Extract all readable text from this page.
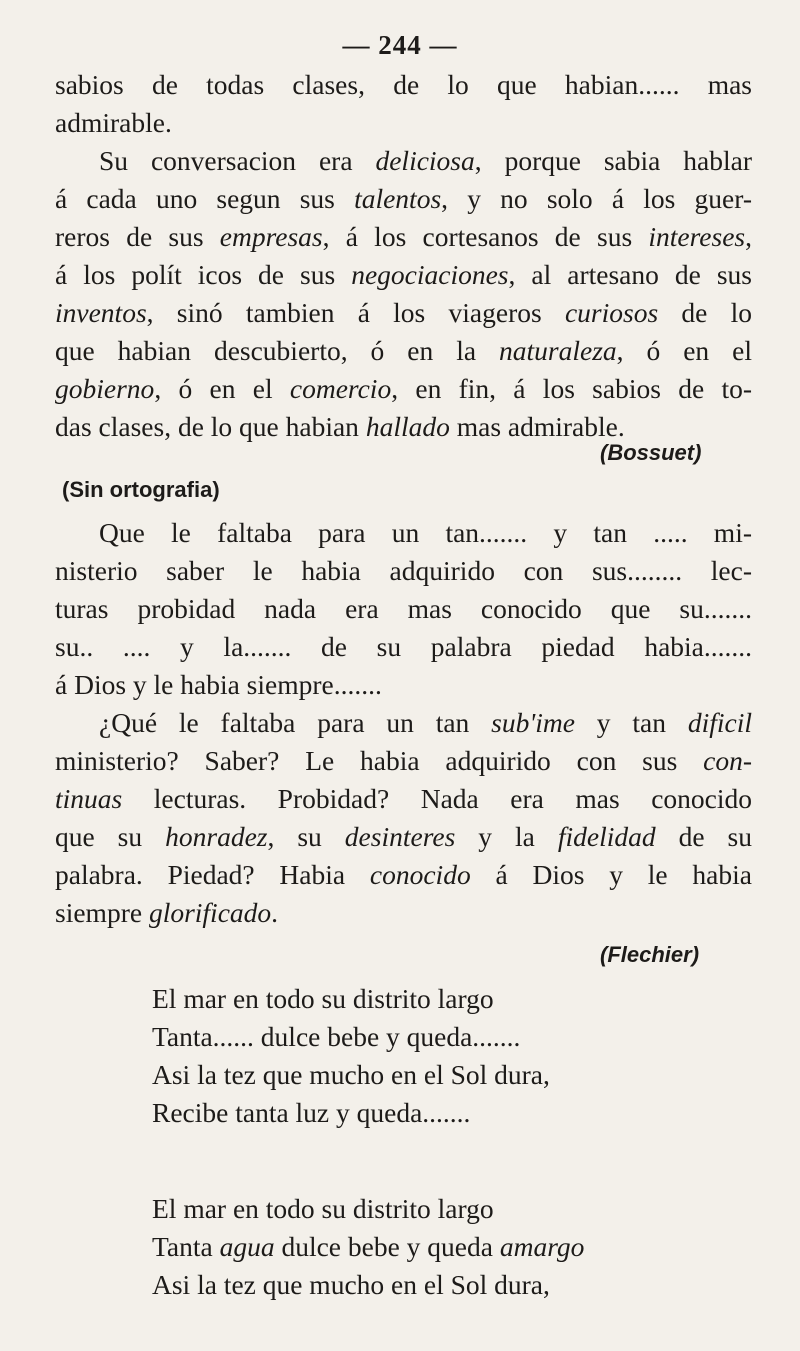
— 244 —
sabios de todas clases, de lo que habian...... mas
admirable.
Su conversacion era deliciosa, porque sabia hablar
á cada uno segun sus talentos, y no solo á los guer-
reros de sus empresas, á los cortesanos de sus intereses,
á los polít icos de sus negociaciones, al artesano de sus
inventos, sinó tambien á los viageros curiosos de lo
que habian descubierto, ó en la naturaleza, ó en el
gobierno, ó en el comercio, en fin, á los sabios de to-
das clases, de lo que habian hallado mas admirable.
(Bossuet)
(Sin ortografia)
Que le faltaba para un tan....... y tan ..... mi-
nisterio saber le habia adquirido con sus........ lec-
turas probidad nada era mas conocido que su.......
su.. .... y la....... de su palabra piedad habia.......
á Dios y le habia siempre.......
¿Qué le faltaba para un tan sub'ime y tan dificil
ministerio? Saber? Le habia adquirido con sus con-
tinuas lecturas. Probidad? Nada era mas conocido
que su honradez, su desinteres y la fidelidad de su
palabra. Piedad? Habia conocido á Dios y le habia
siempre glorificado.
(Flechier)
El mar en todo su distrito largo
Tanta...... dulce bebe y queda.......
Asi la tez que mucho en el Sol dura,
Recibe tanta luz y queda.......
El mar en todo su distrito largo
Tanta agua dulce bebe y queda amargo
Asi la tez que mucho en el Sol dura,
